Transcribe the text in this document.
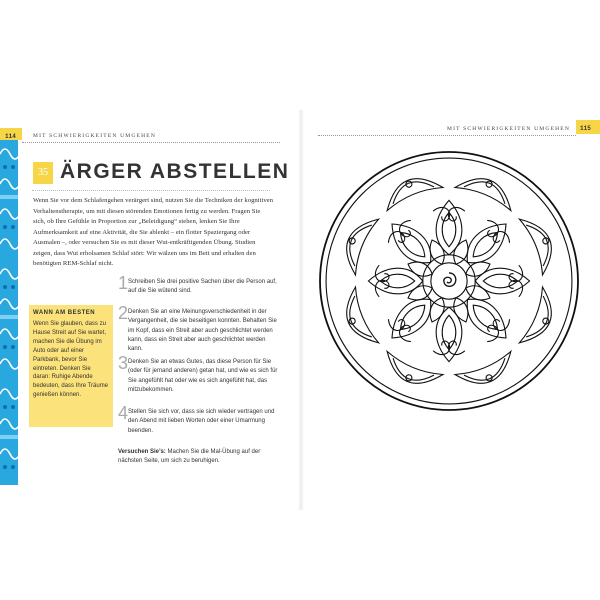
114	MIT SCHWIERIGKEITEN UMGEHEN
MIT SCHWIERIGKEITEN UMGEHEN 115
35 ÄRGER ABSTELLEN
Wenn Sie vor dem Schlafengehen verärgert sind, nutzen Sie die Techniken der kognitiven Verhaltenstherapie, um mit diesen störenden Emotionen fertig zu werden. Fragen Sie sich, ob Ihre Gefühle in Proportion zur „Beleidigung“ stehen, lenken Sie Ihre Aufmerksamkeit auf eine Aktivität, die Sie ablenkt – ein flotter Spaziergang oder Ausmalen –, oder versuchen Sie es mit dieser Wut-entkräftigenden Übung. Studien zeigen, dass Wut erholsamen Schlaf stört: Wir wälzen uns im Bett und erhalten den benötigten REM-Schlaf nicht.
WANN AM BESTEN
Wenn Sie glauben, dass zu Hause Streit auf Sie wartet, machen Sie die Übung im Auto oder auf einer Parkbank, bevor Sie eintreten. Denken Sie daran: Ruhige Abende bedeuten, dass Ihre Träume genießen können.
1 Schreiben Sie drei positive Sachen über die Person auf, auf die Sie wütend sind.
2 Denken Sie an eine Meinungsverschiedenheit in der Vergangenheit, die sie beseitigen konnten. Behalten Sie im Kopf, dass ein Streit aber auch geschlichtet werden kann, dass ein Streit aber auch geschlichtet werden kann.
3 Denken Sie an etwas Gutes, das diese Person für Sie (oder für jemand anderen) getan hat, und wie es sich für Sie angefühlt hat oder wie es sich angefühlt hat, das mitzubekommen.
4 Stellen Sie sich vor, dass sie sich wieder vertragen und den Abend mit lieben Worten oder einer Umarmung beenden.
Versuchen Sie’s: Machen Sie die Mal-Übung auf der nächsten Seite, um sich zu beruhigen.
